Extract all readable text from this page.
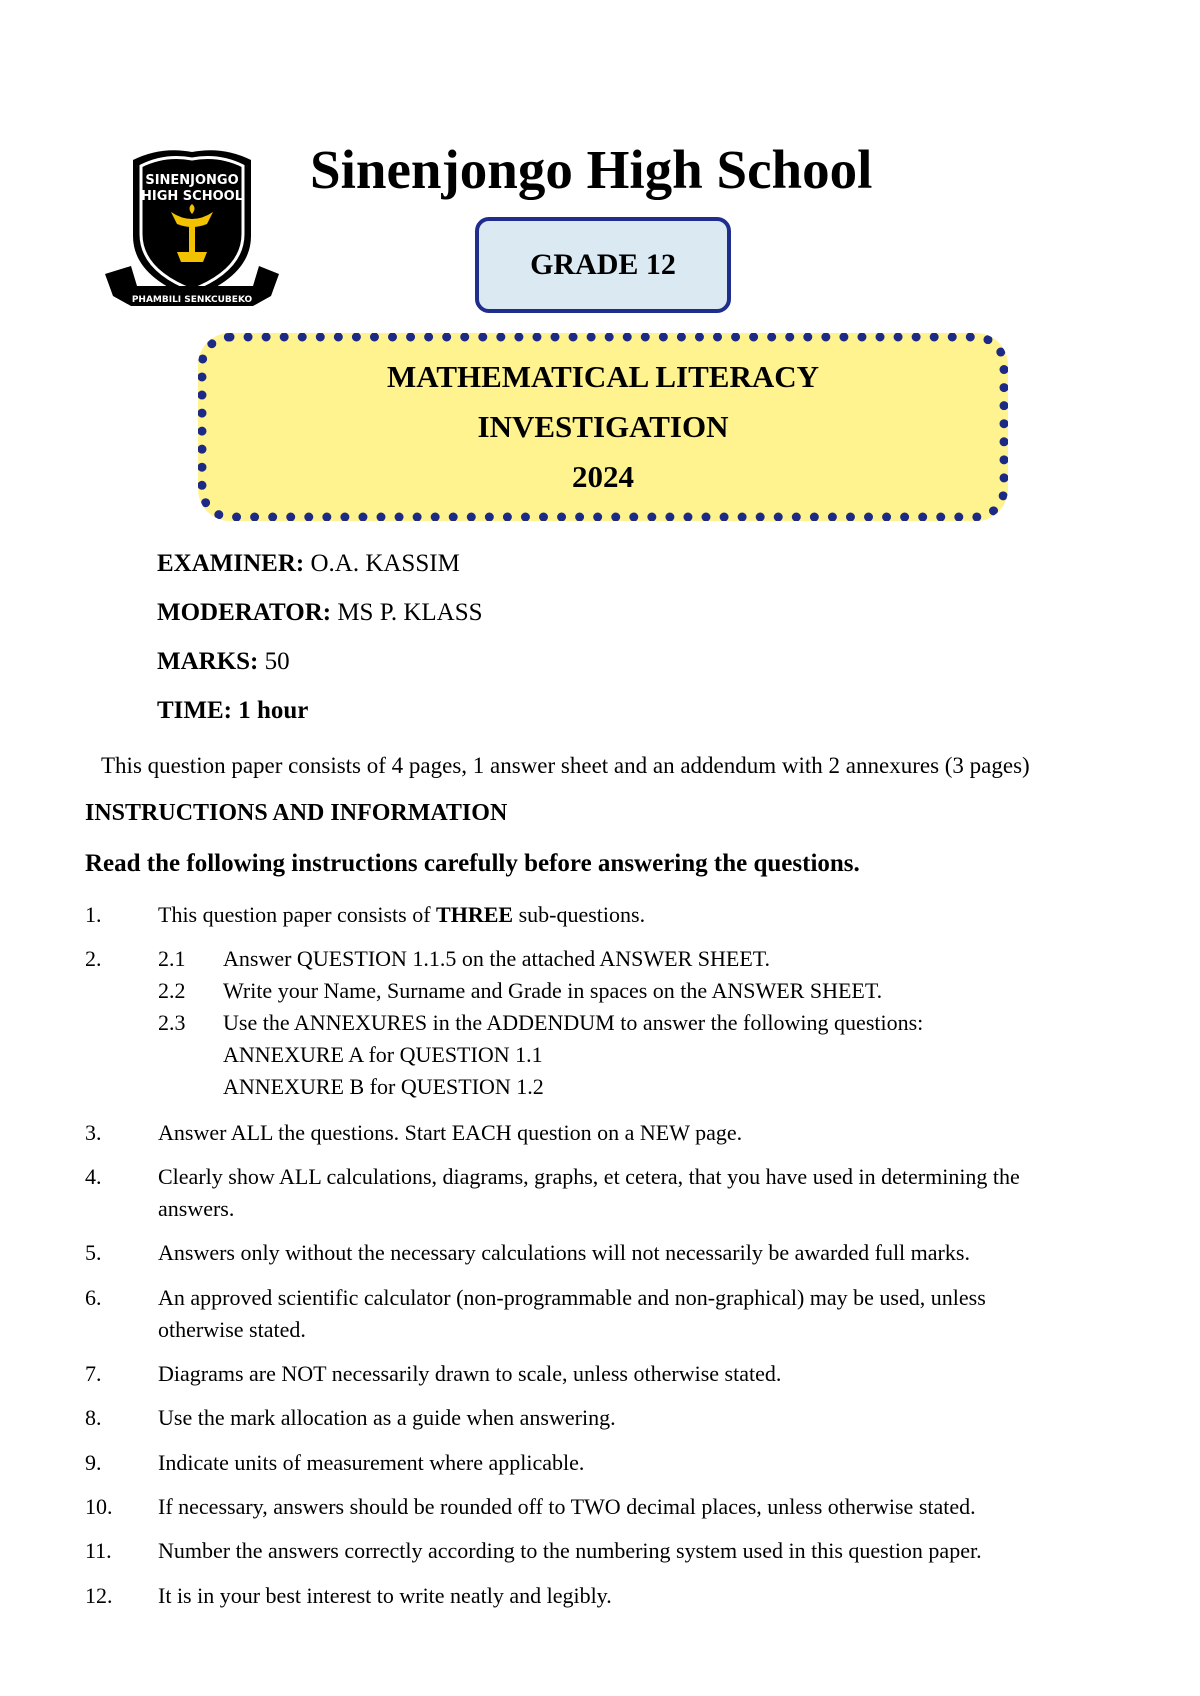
SINENJONGO
HIGH SCHOOL
PHAMBILI SENKCUBEKO
Sinenjongo High School
GRADE 12
MATHEMATICAL LITERACY
INVESTIGATION
2024
EXAMINER: O.A. KASSIM
MODERATOR: MS P. KLASS
MARKS: 50
TIME: 1 hour
This question paper consists of 4 pages, 1 answer sheet and an addendum with 2 annexures (3 pages)
INSTRUCTIONS AND INFORMATION
Read the following instructions carefully before answering the questions.
1.	This question paper consists of THREE sub-questions.
2.	2.1 Answer QUESTION 1.1.5 on the attached ANSWER SHEET.
2.2 Write your Name, Surname and Grade in spaces on the ANSWER SHEET.
2.3 Use the ANNEXURES in the ADDENDUM to answer the following questions:
ANNEXURE A for QUESTION 1.1
ANNEXURE B for QUESTION 1.2
3.	Answer ALL the questions. Start EACH question on a NEW page.
4.	Clearly show ALL calculations, diagrams, graphs, et cetera, that you have used in determining the
answers.
5.	Answers only without the necessary calculations will not necessarily be awarded full marks.
6.	An approved scientific calculator (non-programmable and non-graphical) may be used, unless
otherwise stated.
7.	Diagrams are NOT necessarily drawn to scale, unless otherwise stated.
8.	Use the mark allocation as a guide when answering.
9.	Indicate units of measurement where applicable.
10. If necessary, answers should be rounded off to TWO decimal places, unless otherwise stated.
11. Number the answers correctly according to the numbering system used in this question paper.
12. It is in your best interest to write neatly and legibly.
